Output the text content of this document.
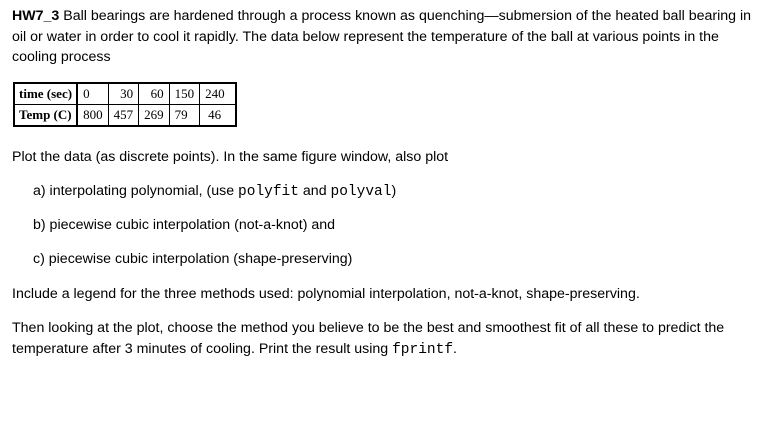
HW7_3 Ball bearings are hardened through a process known as quenching—submersion of the heated ball bearing in oil or water in order to cool it rapidly. The data below represent the temperature of the ball at various points in the cooling process

time (sec)	0	30	60	150	240
Temp (C)	800	457	269	79	46

Plot the data (as discrete points). In the same figure window, also plot

a) interpolating polynomial, (use polyfit and polyval)

b) piecewise cubic interpolation (not-a-knot) and

c) piecewise cubic interpolation (shape-preserving)

Include a legend for the three methods used: polynomial interpolation, not-a-knot, shape-preserving.

Then looking at the plot, choose the method you believe to be the best and smoothest fit of all these to predict the temperature after 3 minutes of cooling. Print the result using fprintf.
